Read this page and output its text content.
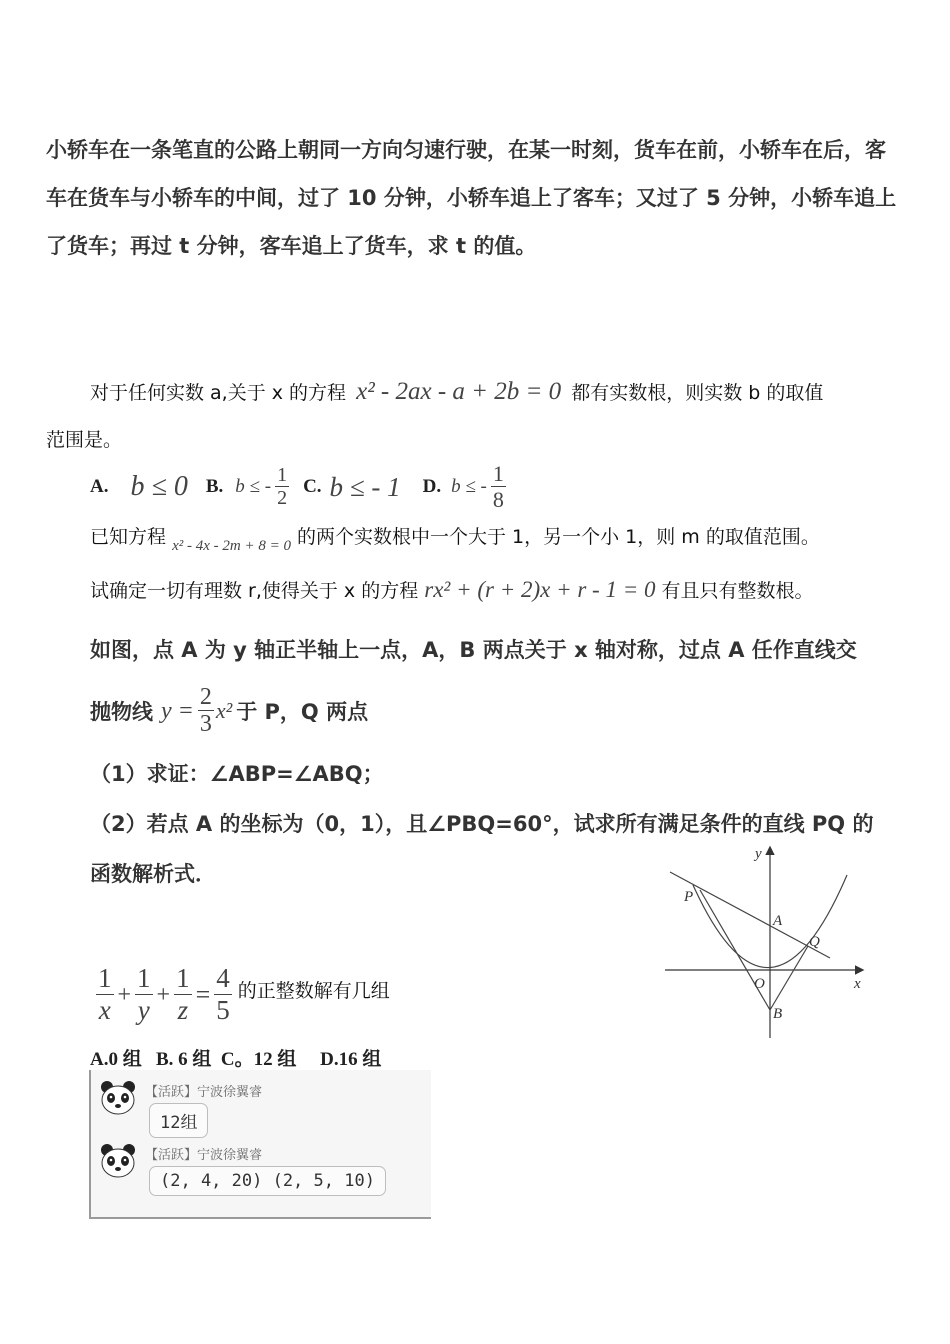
小轿车在一条笔直的公路上朝同一方向匀速行驶，在某一时刻，货车在前，小轿车在后，客
车在货车与小轿车的中间，过了 10 分钟，小轿车追上了客车；又过了 5 分钟，小轿车追上
了货车；再过 t 分钟，客车追上了货车，求 t 的值。
对于任何实数 a,关于 x 的方程 x² - 2ax - a + 2b = 0 都有实数根，则实数 b 的取值
范围是。
A. b ≤ 0 B. b ≤ - $\frac{1}{2} C$. b ≤ - 1 D. b ≤ - $\frac{1}{8}$
已知方程 $_{x^2 - 4x - 2m + 8 = 0}$ 的两个实数根中一个大于 1，另一个小 1，则 m 的取值范围。
试确定一切有理数 r,使得关于 x 的方程 rx² + (r + 2)x + r - 1 = 0 有且只有整数根。
如图，点 A 为 y 轴正半轴上一点，A，B 两点关于 x 轴对称，过点 A 任作直线交
抛物线 $y = \frac{2}{3} x^2$ 于 P，Q 两点
（1）求证：∠ABP=∠ABQ；
（2）若点 A 的坐标为（0，1），且∠PBQ=60°，试求所有满足条件的直线 PQ 的
函数解析式．
y
x
P
A
Q
O
B
$\frac{1}{x} + \frac{1}{y} + \frac{1}{z} = \frac{4}{5}$ 的正整数解有几组
A.0 组   B. 6 组  C。12 组     D.16 组
【活跃】宁波徐翼睿
12组
【活跃】宁波徐翼睿
(2, 4, 20) (2, 5, 10)
